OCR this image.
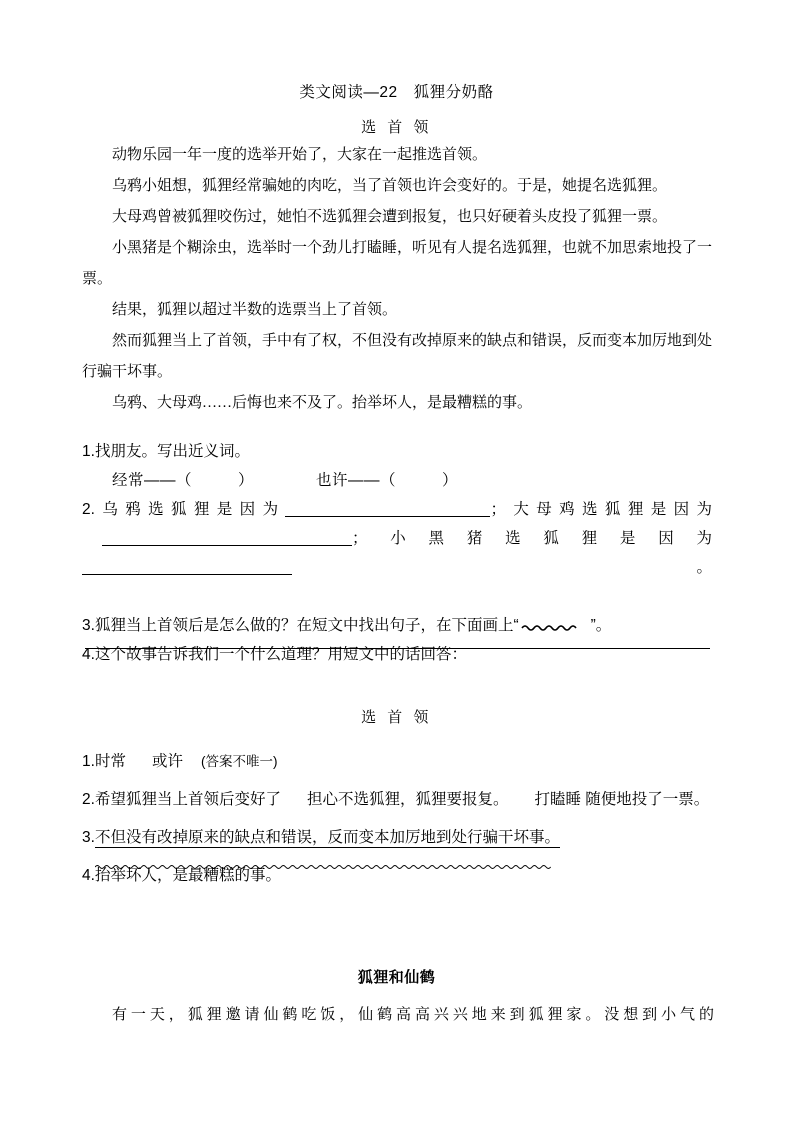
类文阅读—22　狐狸分奶酪
选 首 领

动物乐园一年一度的选举开始了，大家在一起推选首领。

乌鸦小姐想，狐狸经常骗她的肉吃，当了首领也许会变好的。于是，她提名选狐狸。

大母鸡曾被狐狸咬伤过，她怕不选狐狸会遭到报复，也只好硬着头皮投了狐狸一票。

小黑猪是个糊涂虫，选举时一个劲儿打瞌睡，听见有人提名选狐狸，也就不加思索地投了一票。

结果，狐狸以超过半数的选票当上了首领。

然而狐狸当上了首领，手中有了权，不但没有改掉原来的缺点和错误，反而变本加厉地到处行骗干坏事。

乌鸦、大母鸡……后悔也来不及了。抬举坏人，是最糟糕的事。

1.找朋友。写出近义词。

经常——（	）	也许——（	）

2.乌鸦选狐狸是因为	；大母鸡选狐狸是因为；小黑猪选狐狸是因为。

3.狐狸当上首领后是怎么做的？在短文中找出句子，在下面画上“	”。

4.这个故事告诉我们一个什么道理？用短文中的话回答：

选 首 领

1.时常 或许 (答案不唯一)

2.希望狐狸当上首领后变好了 担心不选狐狸，狐狸要报复。 打瞌睡 随便地投了一票。

3.不但没有改掉原来的缺点和错误，反而变本加厉地到处行骗干坏事。

4.抬举坏人，是最糟糕的事。

狐狸和仙鹤

有一天，狐狸邀请仙鹤吃饭，仙鹤高高兴兴地来到狐狸家。没想到小气的
